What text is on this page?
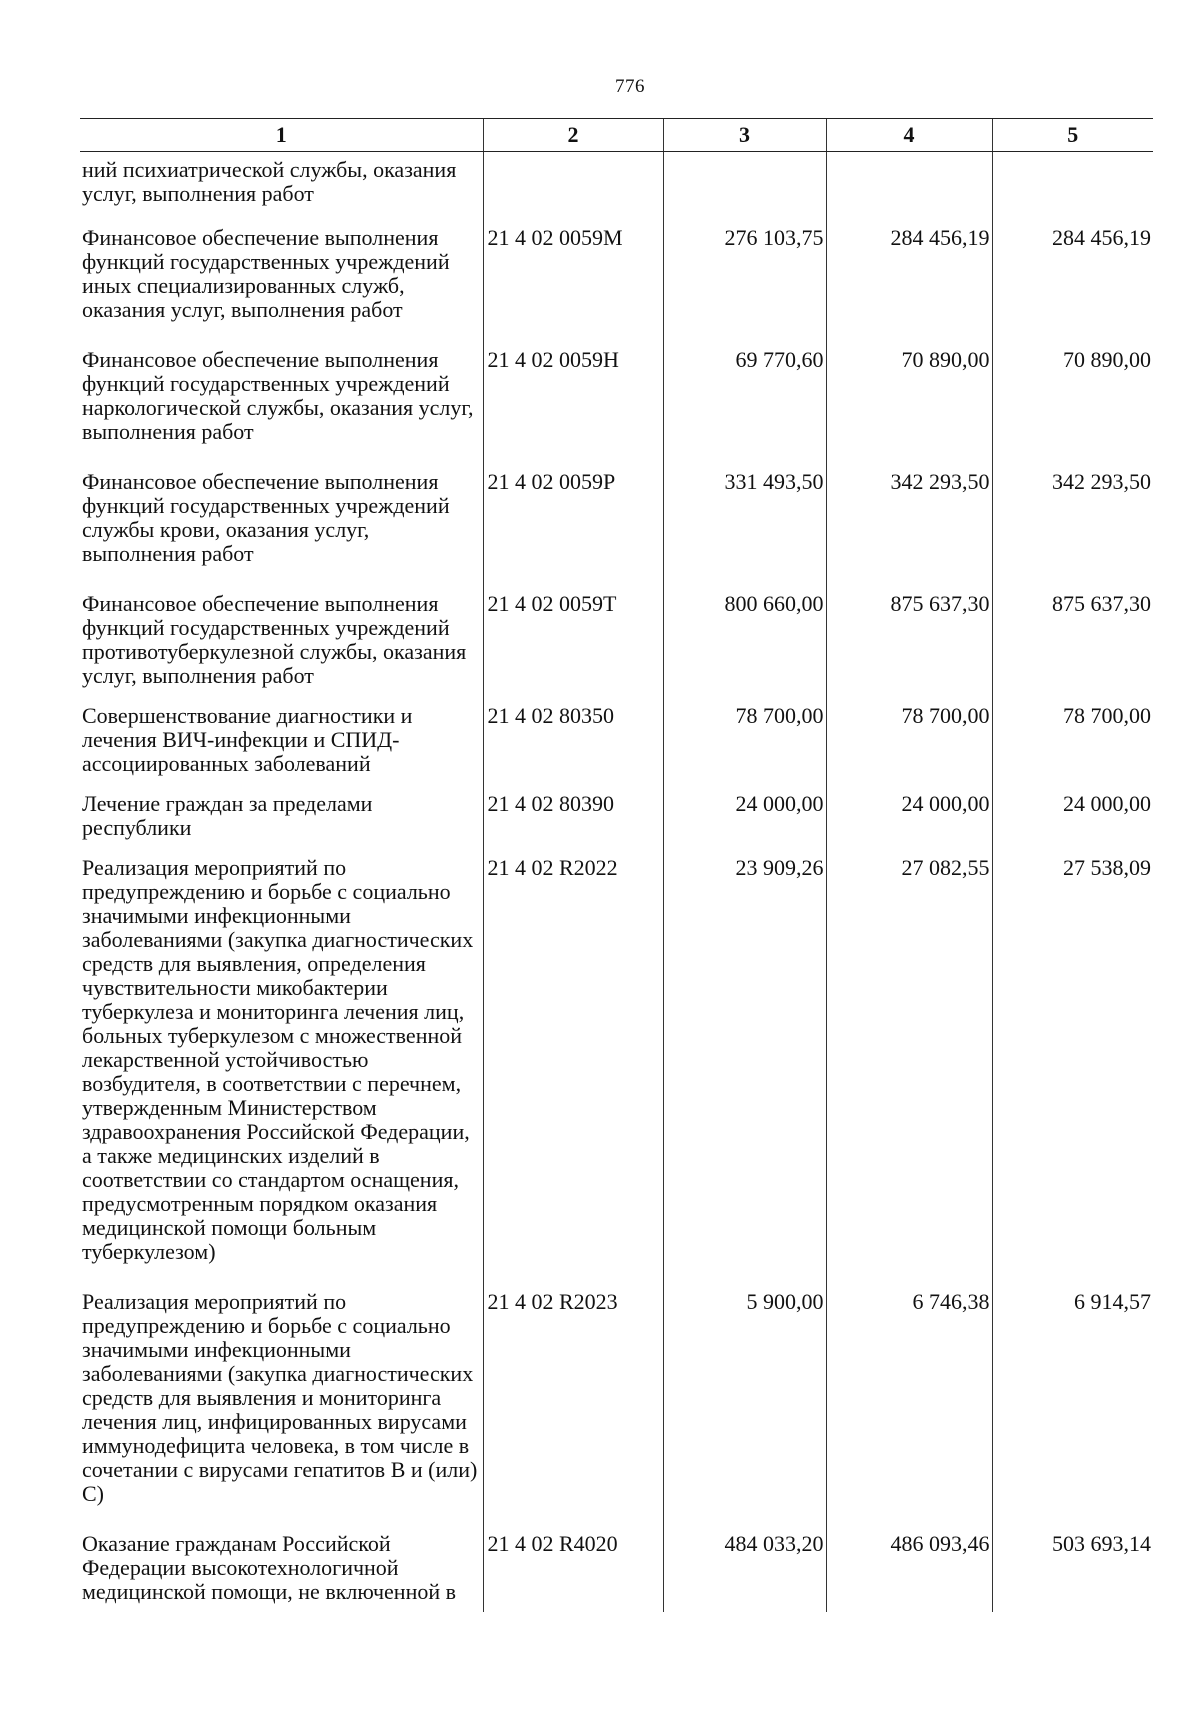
776
1	2	3	4	5
ний психиатрической службы, оказания услуг, выполнения работ				
Финансовое обеспечение выполнения функций государственных учреждений иных специализированных служб, оказания услуг, выполнения работ	21 4 02 0059M	276 103,75	284 456,19	284 456,19
Финансовое обеспечение выполнения функций государственных учреждений наркологической службы, оказания услуг, выполнения работ	21 4 02 0059H	69 770,60	70 890,00	70 890,00
Финансовое обеспечение выполнения функций государственных учреждений службы крови, оказания услуг, выполнения работ	21 4 02 0059P	331 493,50	342 293,50	342 293,50
Финансовое обеспечение выполнения функций государственных учреждений противотуберкулезной службы, оказания услуг, выполнения работ	21 4 02 0059T	800 660,00	875 637,30	875 637,30
Совершенствование диагностики и лечения ВИЧ-инфекции и СПИД-ассоциированных заболеваний	21 4 02 80350	78 700,00	78 700,00	78 700,00
Лечение граждан за пределами республики	21 4 02 80390	24 000,00	24 000,00	24 000,00
Реализация мероприятий по предупреждению и борьбе с социально значимыми инфекционными заболеваниями (закупка диагностических средств для выявления, определения чувствительности микобактерии туберкулеза и мониторинга лечения лиц, больных туберкулезом с множественной лекарственной устойчивостью возбудителя, в соответствии с перечнем, утвержденным Министерством здравоохранения Российской Федерации, а также медицинских изделий в соответствии со стандартом оснащения, предусмотренным порядком оказания медицинской помощи больным туберкулезом)	21 4 02 R2022	23 909,26	27 082,55	27 538,09
Реализация мероприятий по предупреждению и борьбе с социально значимыми инфекционными заболеваниями (закупка диагностических средств для выявления и мониторинга лечения лиц, инфицированных вирусами иммунодефицита человека, в том числе в сочетании с вирусами гепатитов B и (или) C)	21 4 02 R2023	5 900,00	6 746,38	6 914,57
Оказание гражданам Российской Федерации высокотехнологичной медицинской помощи, не включенной в	21 4 02 R4020	484 033,20	486 093,46	503 693,14
